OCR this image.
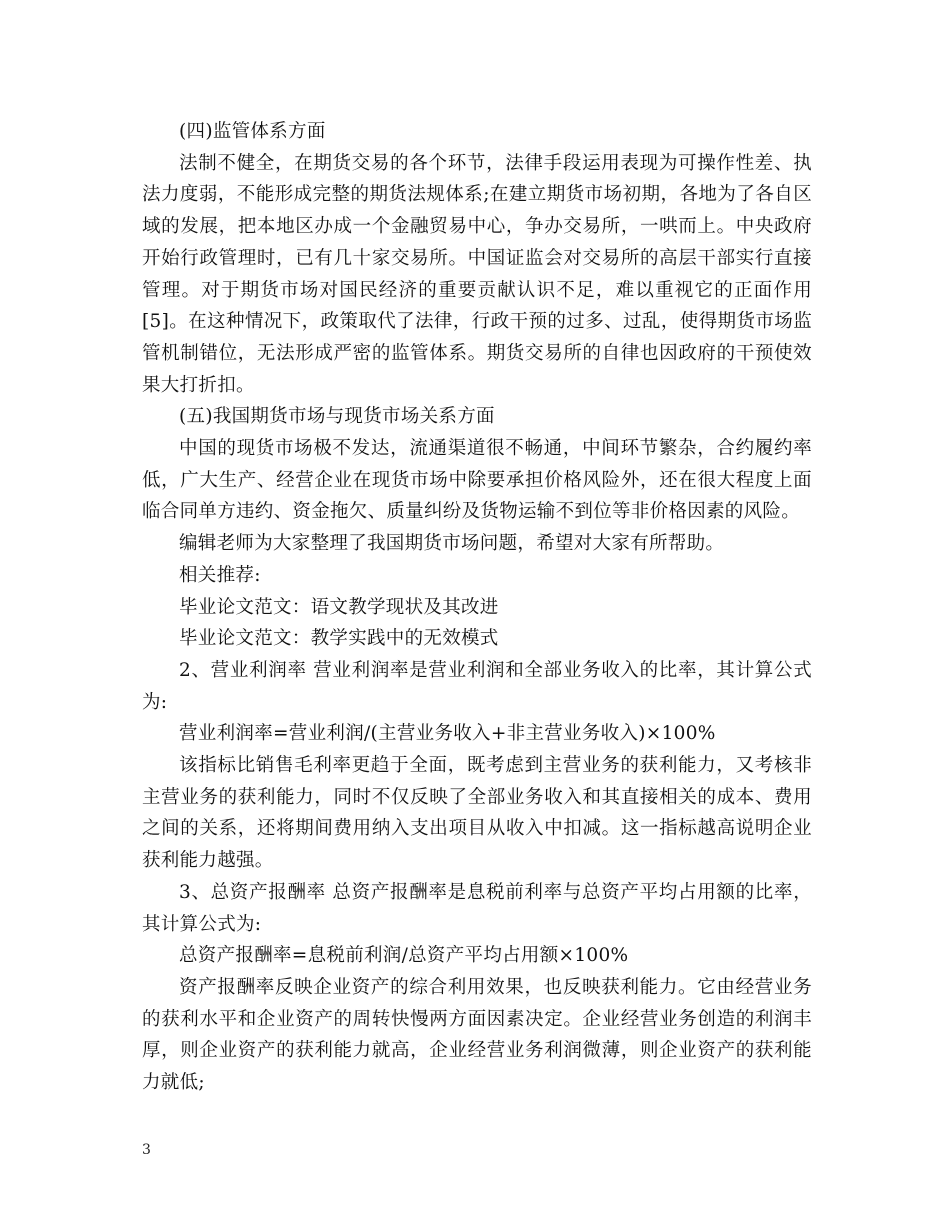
(四)监管体系方面

法制不健全，在期货交易的各个环节，法律手段运用表现为可操作性差、执法力度弱，不能形成完整的期货法规体系;在建立期货市场初期，各地为了各自区域的发展，把本地区办成一个金融贸易中心，争办交易所，一哄而上。中央政府开始行政管理时，已有几十家交易所。中国证监会对交易所的高层干部实行直接管理。对于期货市场对国民经济的重要贡献认识不足，难以重视它的正面作用[5]。在这种情况下，政策取代了法律，行政干预的过多、过乱，使得期货市场监管机制错位，无法形成严密的监管体系。期货交易所的自律也因政府的干预使效果大打折扣。

(五)我国期货市场与现货市场关系方面

中国的现货市场极不发达，流通渠道很不畅通，中间环节繁杂，合约履约率低，广大生产、经营企业在现货市场中除要承担价格风险外，还在很大程度上面临合同单方违约、资金拖欠、质量纠纷及货物运输不到位等非价格因素的风险。

编辑老师为大家整理了我国期货市场问题，希望对大家有所帮助。

相关推荐:

毕业论文范文：语文教学现状及其改进

毕业论文范文：教学实践中的无效模式

2、营业利润率 营业利润率是营业利润和全部业务收入的比率，其计算公式为:

营业利润率=营业利润/(主营业务收入+非主营业务收入)×100%

该指标比销售毛利率更趋于全面，既考虑到主营业务的获利能力，又考核非主营业务的获利能力，同时不仅反映了全部业务收入和其直接相关的成本、费用之间的关系，还将期间费用纳入支出项目从收入中扣减。这一指标越高说明企业获利能力越强。

3、总资产报酬率 总资产报酬率是息税前利率与总资产平均占用额的比率，其计算公式为:

总资产报酬率=息税前利润/总资产平均占用额×100%

资产报酬率反映企业资产的综合利用效果，也反映获利能力。它由经营业务的获利水平和企业资产的周转快慢两方面因素决定。企业经营业务创造的利润丰厚，则企业资产的获利能力就高，企业经营业务利润微薄，则企业资产的获利能力就低;

3
